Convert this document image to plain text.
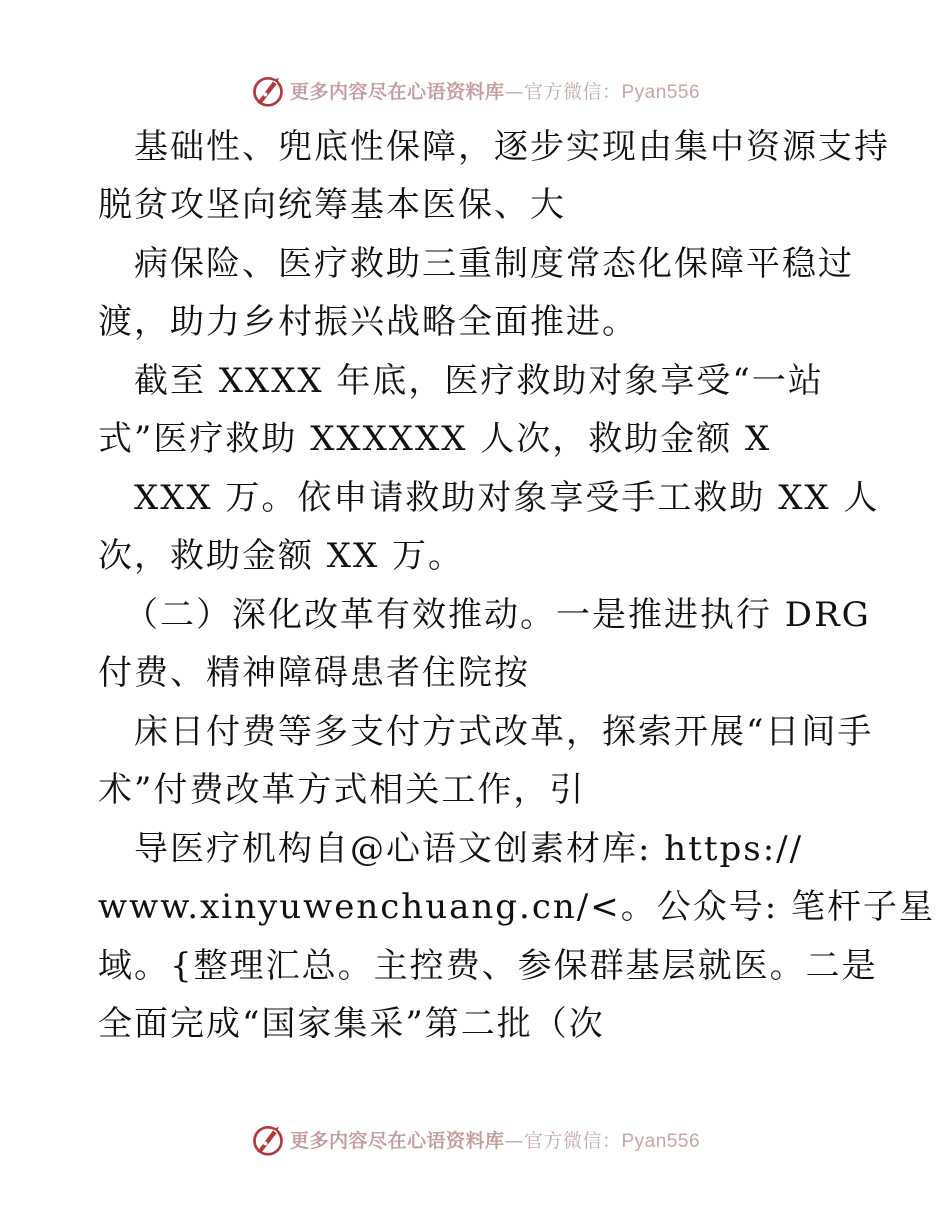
更多内容尽在心语资料库—官方微信：Pyan556
基础性、兜底性保障，逐步实现由集中资源支持
脱贫攻坚向统筹基本医保、大
病保险、医疗救助三重制度常态化保障平稳过
渡，助力乡村振兴战略全面推进。
截至 XXXX 年底，医疗救助对象享受“一站
式”医疗救助 XXXXXX 人次，救助金额 X
XXX 万。依申请救助对象享受手工救助 XX 人
次，救助金额 XX 万。
（二）深化改革有效推动。一是推进执行 DRG
付费、精神障碍患者住院按
床日付费等多支付方式改革，探索开展“日间手
术”付费改革方式相关工作，引
导医疗机构自@心语文创素材库: https://
www.xinyuwenchuang.cn/<。公众号: 笔杆子星
域。{整理汇总。主控费、参保群基层就医。二是
全面完成“国家集采”第二批（次
更多内容尽在心语资料库—官方微信：Pyan556
